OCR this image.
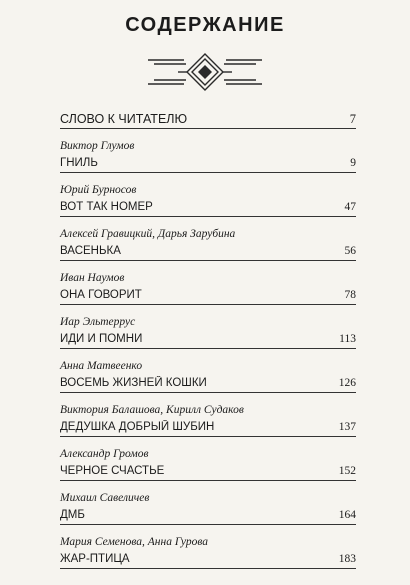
СОДЕРЖАНИЕ
СЛОВО К ЧИТАТЕЛЮ	7
Виктор Глумов
ГНИЛЬ	9
Юрий Бурносов
ВОТ ТАК НОМЕР	47
Алексей Гравицкий, Дарья Зарубина
ВАСЕНЬКА	56
Иван Наумов
ОНА ГОВОРИТ	78
Иар Эльтеррус
ИДИ И ПОМНИ	113
Анна Матвеенко
ВОСЕМЬ ЖИЗНЕЙ КОШКИ	126
Виктория Балашова, Кирилл Судаков
ДЕДУШКА ДОБРЫЙ ШУБИН	137
Александр Громов
ЧЕРНОЕ СЧАСТЬЕ	152
Михаил Савеличев
ДМБ	164
Мария Семенова, Анна Гурова
ЖАР-ПТИЦА	183
